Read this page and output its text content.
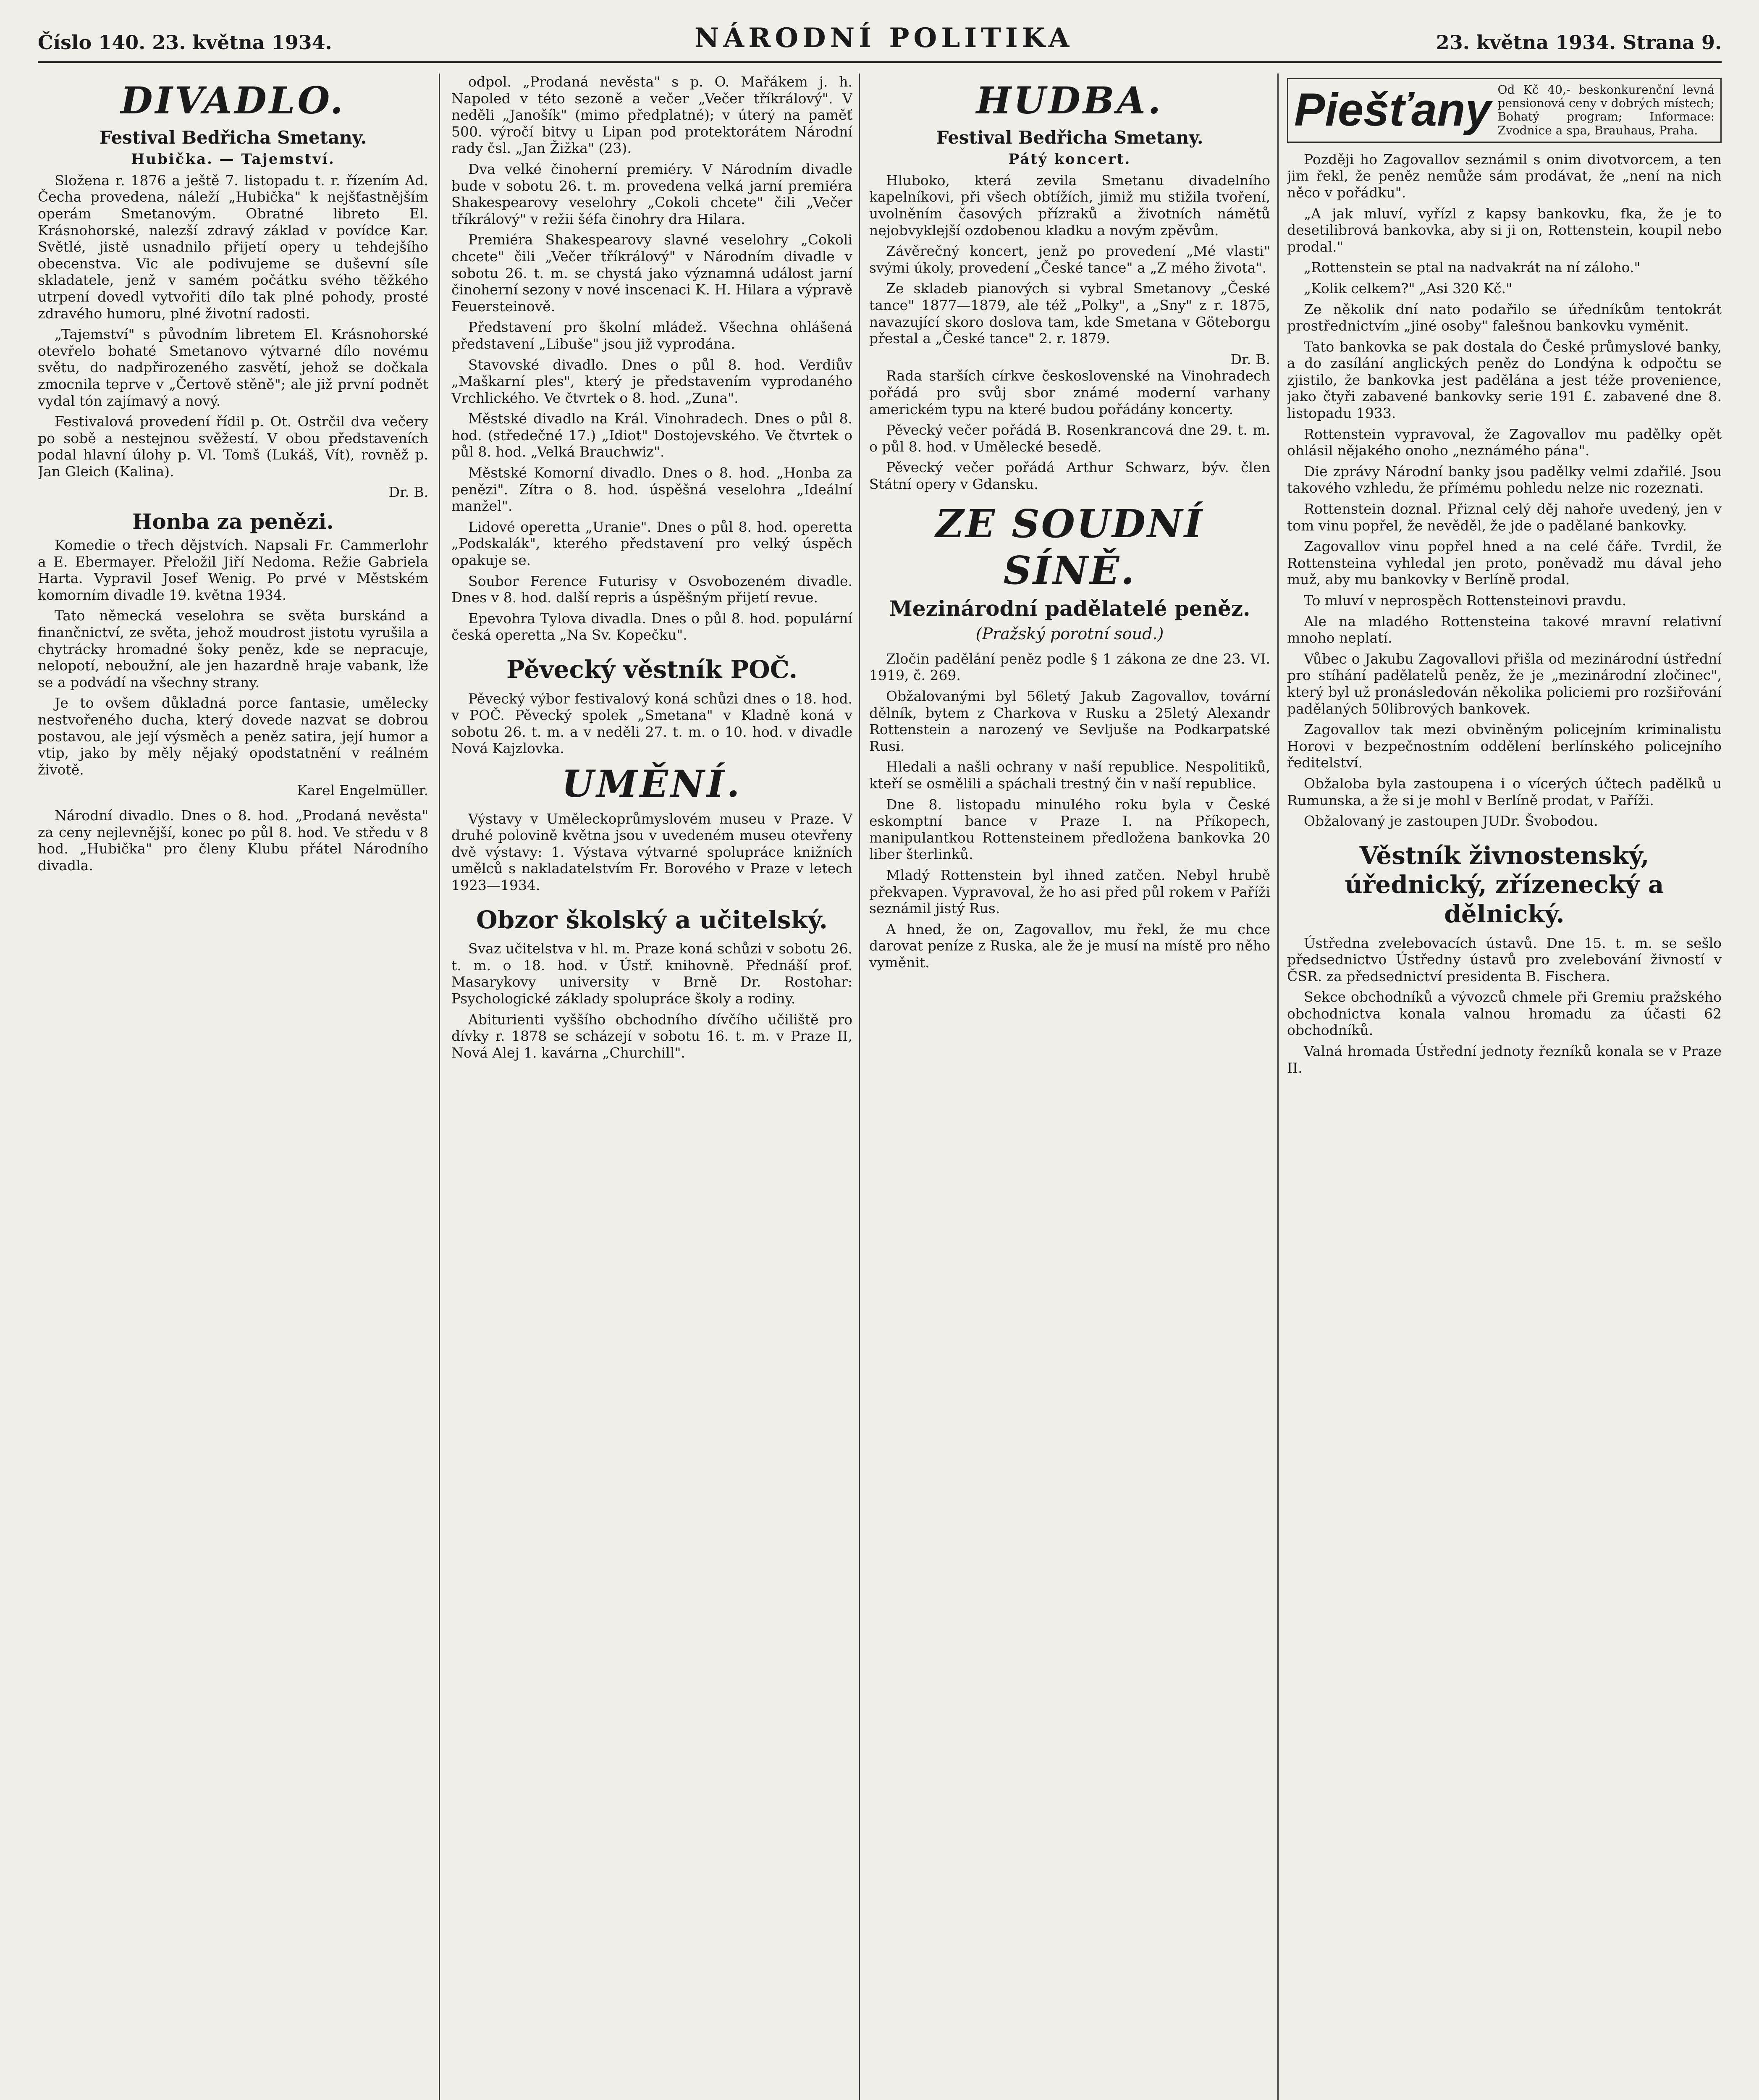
Číslo 140. 23. května 1934.	NÁRODNÍ POLITIKA	23. května 1934. Strana 9.
DIVADLO.
Festival Bedřicha Smetany.
Hubička. — Tajemství.

Složena r. 1876 a ještě 7. listopadu t. r. řízením Ad. Čecha provedena, náleží „Hubička" k nejšťastnějším operám Smetanovým. Obratné libreto El. Krásnohorské, nalezší zdravý základ v povídce Kar. Světlé, jistě usnadnilo přijetí opery u tehdejšího obecenstva. Vic ale podivujeme se duševní síle skladatele, jenž v samém počátku svého těžkého utrpení dovedl vytvořiti dílo tak plné pohody, prosté zdravého humoru, plné životní radosti.

„Tajemství" s původním libretem El. Krásnohorské otevřelo bohaté Smetanovo výtvarné dílo novému světu, do nadpřirozeného zasvětí, jehož se dočkala zmocnila teprve v „Čertově stěně"; ale již první podnět vydal tón zajímavý a nový.

Festivalová provedení řídil p. Ot. Ostrčil dva večery po sobě a nestejnou svěžestí. V obou představeních podal hlavní úlohy p. Vl. Tomš (Lukáš, Vít), rovněž p. Jan Gleich (Kalina).

Dr. B.
Honba za penězi.

Komedie o třech dějstvích. Napsali Fr. Cammerlohr a E. Ebermayer. Přeložil Jiří Nedoma. Režie Gabriela Harta. Vypravil Josef Wenig. Po prvé v Městském komorním divadle 19. května 1934.

Tato německá veselohra se světa burskánd a finančnictví, ze světa, jehož moudrost jistotu vyrušila a chytrácky hromadné šoky peněz, kde se nepracuje, nelopotí, neboužní, ale jen hazardně hraje vabank, lže se a podvádí na všechny strany.

Je to ovšem důkladná porce fantasie, umělecky nestvořeného ducha, který dovede nazvat se dobrou postavou, ale její výsměch a peněz satira, její humor a vtip, jako by měly nějaký opodstatnění v reálném životě.

Karel Engelmüller.

Národní divadlo. Dnes o 8. hod. „Prodaná nevěsta" za ceny nejlevnější, konec po půl 8. hod. Ve středu v 8 hod. „Hubička" pro členy Klubu přátel Národního divadla.

odpol. „Prodaná nevěsta" s p. O. Mařákem j. h. Napoled v této sezoně a večer „Večer tříkrálový". V neděli „Janošík" (mimo předplatné); v úterý na paměť 500. výročí bitvy u Lipan pod protektorátem Národní rady čsl. „Jan Žižka" (23).

Dva velké činoherní premiéry. V Národním divadle bude v sobotu 26. t. m. provedena velká jarní premiéra Shakespearovy veselohry „Cokoli chcete" čili „Večer tříkrálový" v režii šéfa činohry dra Hilara.

Premiéra Shakespearovy slavné veselohry „Cokoli chcete" čili „Večer tříkrálový" v Národním divadle v sobotu 26. t. m. se chystá jako významná událost jarní činoherní sezony v nové inscenaci K. H. Hilara a výpravě Feuersteinově.

Představení pro školní mládež. Všechna ohlášená představení „Libuše" jsou již vyprodána.

Stavovské divadlo. Dnes o půl 8. hod. Verdiův „Maškarní ples", který je představením vyprodaného Vrchlického. Ve čtvrtek o 8. hod. „Zuna".

Městské divadlo na Král. Vinohradech. Dnes o půl 8. hod. (středečné 17.) „Idiot" Dostojevského. Ve čtvrtek o půl 8. hod. „Velká Brauchwiz".

Městské Komorní divadlo. Dnes o 8. hod. „Honba za penězi". Zítra o 8. hod. úspěšná veselohra „Ideální manžel".

Lidové operetta „Uranie". Dnes o půl 8. hod. operetta „Podskalák", kterého představení pro velký úspěch opakuje se.

Soubor Ference Futurisy v Osvobozeném divadle. Dnes v 8. hod. další repris a úspěšným přijetí revue.

Epevohra Tylova divadla. Dnes o půl 8. hod. populární česká operetta „Na Sv. Kopečku".

Pěvecký věstník POČ.

Pěvecký výbor festivalový koná schůzi dnes o 18. hod. v POČ. Pěvecký spolek „Smetana" v Kladně koná v sobotu 26. t. m. a v neděli 27. t. m. o 10. hod. v divadle Nová Kajzlovka.

UMĚNÍ.

Výstavy v Uměleckoprůmyslovém museu v Praze. V druhé polovině května jsou v uvedeném museu otevřeny dvě výstavy: 1. Výstava výtvarné spolupráce knižních umělců s nakladatelstvím Fr. Borového v Praze v letech 1923—1934.

Obzor školský a učitelský.

Svaz učitelstva v hl. m. Praze koná schůzi v sobotu 26. t. m. o 18. hod. v Ústř. knihovně. Přednáší prof. Masarykovy university v Brně Dr. Rostohar: Psychologické základy spolupráce školy a rodiny.

Abiturienti vyššího obchodního dívčího učiliště pro dívky r. 1878 se scházejí v sobotu 16. t. m. v Praze II, Nová Alej 1. kavárna „Churchill".

HUDBA.
Festival Bedřicha Smetany.
Pátý koncert.

Hluboko, která zevila Smetanu divadelního kapelníkovi, při všech obtížích, jimiž mu stižila tvoření, uvolněním časových přízraků a životních námětů nejobvyklejší ozdobenou kladku a novým zpěvům.

Závěrečný koncert, jenž po provedení „Mé vlasti" svými úkoly, provedení „České tance" a „Z mého života".

Ze skladeb pianových si vybral Smetanovy „České tance" 1877—1879, ale též „Polky", a „Sny" z r. 1875, navazující skoro doslova tam, kde Smetana v Göteborgu přestal a „České tance" 2. r. 1879.

Dr. B.

Rada starších církve československé na Vinohradech pořádá pro svůj sbor známé moderní varhany americkém typu na které budou pořádány koncerty.

Pěvecký večer pořádá B. Rosenkrancová dne 29. t. m. o půl 8. hod. v Umělecké besedě.

Pěvecký večer pořádá Arthur Schwarz, býv. člen Státní opery v Gdansku.

ZE SOUDNÍ SÍNĚ.
Mezinárodní padělatelé peněz.
(Pražský porotní soud.)

Zločin padělání peněz podle § 1 zákona ze dne 23. VI. 1919, č. 269.

Obžalovanými byl 56letý Jakub Zagovallov, tovární dělník, bytem z Charkova v Rusku a 25letý Alexandr Rottenstein a narozený ve Sevljuše na Podkarpatské Rusi.

Hledali a našli ochrany v naší republice. Nespolitiků, kteří se osmělili a spáchali trestný čin v naší republice.

Dne 8. listopadu minulého roku byla v České eskomptní bance v Praze I. na Příkopech, manipulantkou Rottensteinem předložena bankovka 20 liber šterlinků.

Mladý Rottenstein byl ihned zatčen. Nebyl hrubě překvapen. Vypravoval, že ho asi před půl rokem v Paříži seznámil jistý Rus.

A hned, že on, Zagovallov, mu řekl, že mu chce darovat peníze z Ruska, ale že je musí na místě pro něho vyměnit.

Piešťany Od Kč 40,- beskonkurenční levná pensionová ceny v dobrých místech; Bohatý program; Informace: Zvodnice a spa, Brauhaus, Praha.

Později ho Zagovallov seznámil s onim divotvorcem, a ten jim řekl, že peněz nemůže sám prodávat, že „není na nich něco v pořádku".

„A jak mluví, vyřízl z kapsy bankovku, fka, že je to desetilibrová bankovka, aby si ji on, Rottenstein, koupil nebo prodal."

„Rottenstein se ptal na nadvakrát na ní záloho."

„Kolik celkem?" „Asi 320 Kč."

Ze několik dní nato podařilo se úředníkům tentokrát prostřednictvím „jiné osoby" falešnou bankovku vyměnit.

Tato bankovka se pak dostala do České průmyslové banky, a do zasílání anglických peněz do Londýna k odpočtu se zjistilo, že bankovka jest padělána a jest téže provenience, jako čtyři zabavené bankovky serie 191 £. zabavené dne 8. listopadu 1933.

Rottenstein vypravoval, že Zagovallov mu padělky opět ohlásil nějakého onoho „neznámého pána".

Die zprávy Národní banky jsou padělky velmi zdařilé. Jsou takového vzhledu, že přímému pohledu nelze nic rozeznati.

Rottenstein doznal. Přiznal celý děj nahoře uvedený, jen v tom vinu popřel, že nevěděl, že jde o padělané bankovky.

Zagovallov vinu popřel hned a na celé čáře. Tvrdil, že Rottensteina vyhledal jen proto, poněvadž mu dával jeho muž, aby mu bankovky v Berlíně prodal.

To mluví v neprospěch Rottensteinovi pravdu.

Ale na mladého Rottensteina takové mravní relativní mnoho neplatí.

Vůbec o Jakubu Zagovallovi přišla od mezinárodní ústřední pro stíhání padělatelů peněz, že je „mezinárodní zločinec", který byl už pronásledován několika policiemi pro rozšiřování padělaných 50librových bankovek.

Zagovallov tak mezi obviněným policejním kriminalistu Horovi v bezpečnostním oddělení berlínského policejního ředitelství.

Obžaloba byla zastoupena i o vícerých účtech padělků u Rumunska, a že si je mohl v Berlíně prodat, v Paříži.

Obžalovaný je zastoupen JUDr. Švobodou.

Věstník živnostenský, úřednický, zřízenecký a dělnický.

Ústředna zvelebovacích ústavů. Dne 15. t. m. se sešlo předsednictvo Ústředny ústavů pro zvelebování živností v ČSR. za předsednictví presidenta B. Fischera.

Sekce obchodníků a vývozců chmele při Gremiu pražského obchodnictva konala valnou hromadu za účasti 62 obchodníků.

Valná hromada Ústřední jednoty řezníků konala se v Praze II.
